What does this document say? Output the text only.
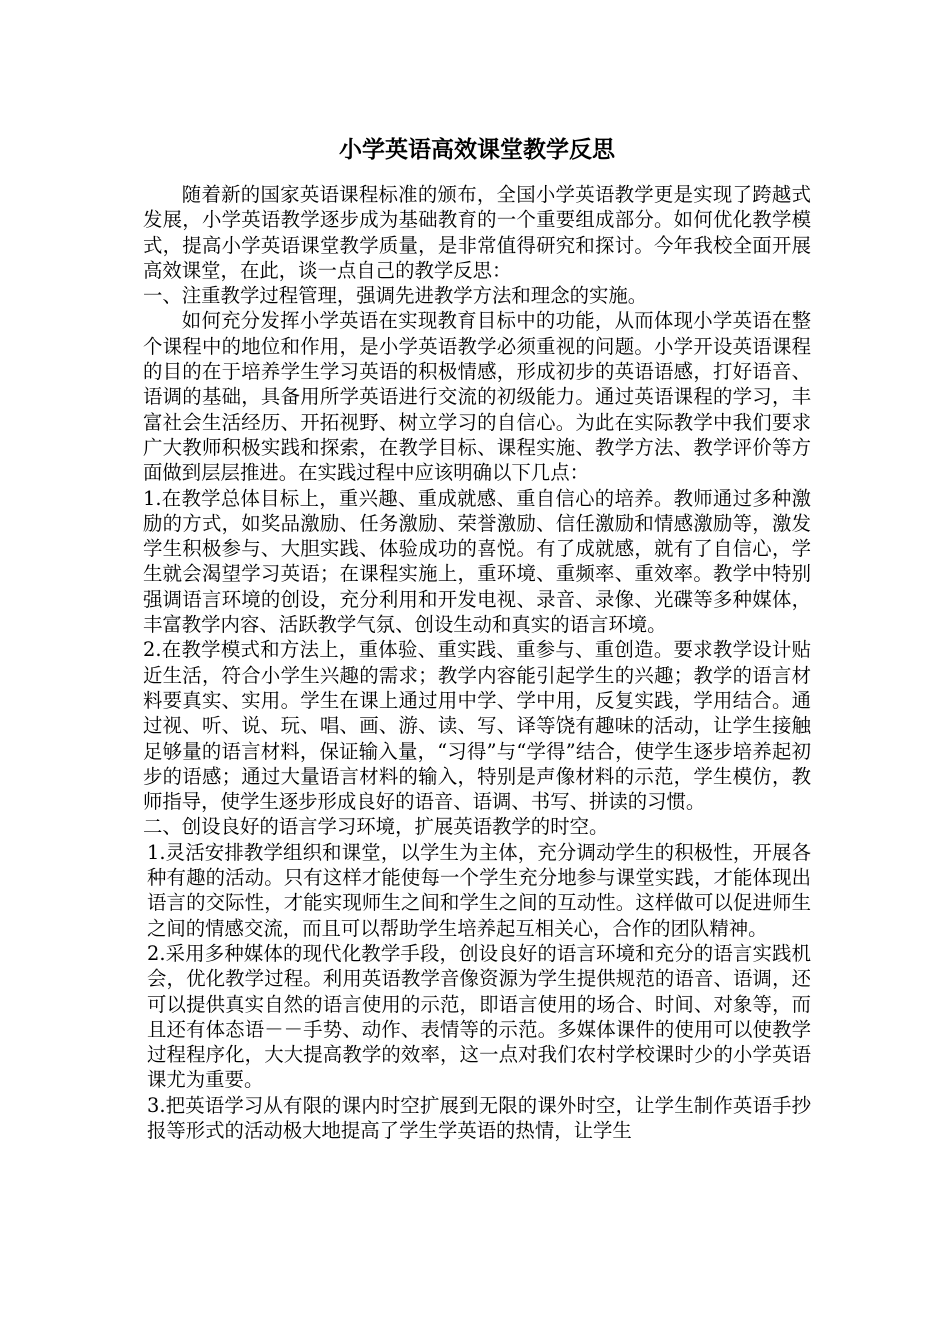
小学英语高效课堂教学反思

随着新的国家英语课程标准的颁布，全国小学英语教学更是实现了跨越式发展，小学英语教学逐步成为基础教育的一个重要组成部分。如何优化教学模式，提高小学英语课堂教学质量，是非常值得研究和探讨。今年我校全面开展高效课堂，在此，谈一点自己的教学反思：

一、注重教学过程管理，强调先进教学方法和理念的实施。

如何充分发挥小学英语在实现教育目标中的功能，从而体现小学英语在整个课程中的地位和作用，是小学英语教学必须重视的问题。小学开设英语课程的目的在于培养学生学习英语的积极情感，形成初步的英语语感，打好语音、语调的基础，具备用所学英语进行交流的初级能力。通过英语课程的学习，丰富社会生活经历、开拓视野、树立学习的自信心。为此在实际教学中我们要求广大教师积极实践和探索，在教学目标、课程实施、教学方法、教学评价等方面做到层层推进。在实践过程中应该明确以下几点：

1.在教学总体目标上，重兴趣、重成就感、重自信心的培养。教师通过多种激励的方式，如奖品激励、任务激励、荣誉激励、信任激励和情感激励等，激发学生积极参与、大胆实践、体验成功的喜悦。有了成就感，就有了自信心，学生就会渴望学习英语；在课程实施上，重环境、重频率、重效率。教学中特别强调语言环境的创设，充分利用和开发电视、录音、录像、光碟等多种媒体，丰富教学内容、活跃教学气氛、创设生动和真实的语言环境。

2.在教学模式和方法上，重体验、重实践、重参与、重创造。要求教学设计贴近生活，符合小学生兴趣的需求；教学内容能引起学生的兴趣；教学的语言材料要真实、实用。学生在课上通过用中学、学中用，反复实践，学用结合。通过视、听、说、玩、唱、画、游、读、写、译等饶有趣味的活动，让学生接触足够量的语言材料，保证输入量，“习得”与“学得”结合，使学生逐步培养起初步的语感；通过大量语言材料的输入，特别是声像材料的示范，学生模仿，教师指导，使学生逐步形成良好的语音、语调、书写、拼读的习惯。

二、创设良好的语言学习环境，扩展英语教学的时空。

1.灵活安排教学组织和课堂，以学生为主体，充分调动学生的积极性，开展各种有趣的活动。只有这样才能使每一个学生充分地参与课堂实践，才能体现出语言的交际性，才能实现师生之间和学生之间的互动性。这样做可以促进师生之间的情感交流，而且可以帮助学生培养起互相关心，合作的团队精神。

2.采用多种媒体的现代化教学手段，创设良好的语言环境和充分的语言实践机会，优化教学过程。利用英语教学音像资源为学生提供规范的语音、语调，还可以提供真实自然的语言使用的示范，即语言使用的场合、时间、对象等，而且还有体态语－－手势、动作、表情等的示范。多媒体课件的使用可以使教学过程程序化，大大提高教学的效率，这一点对我们农村学校课时少的小学英语课尤为重要。

3.把英语学习从有限的课内时空扩展到无限的课外时空，让学生制作英语手抄报等形式的活动极大地提高了学生学英语的热情，让学生
